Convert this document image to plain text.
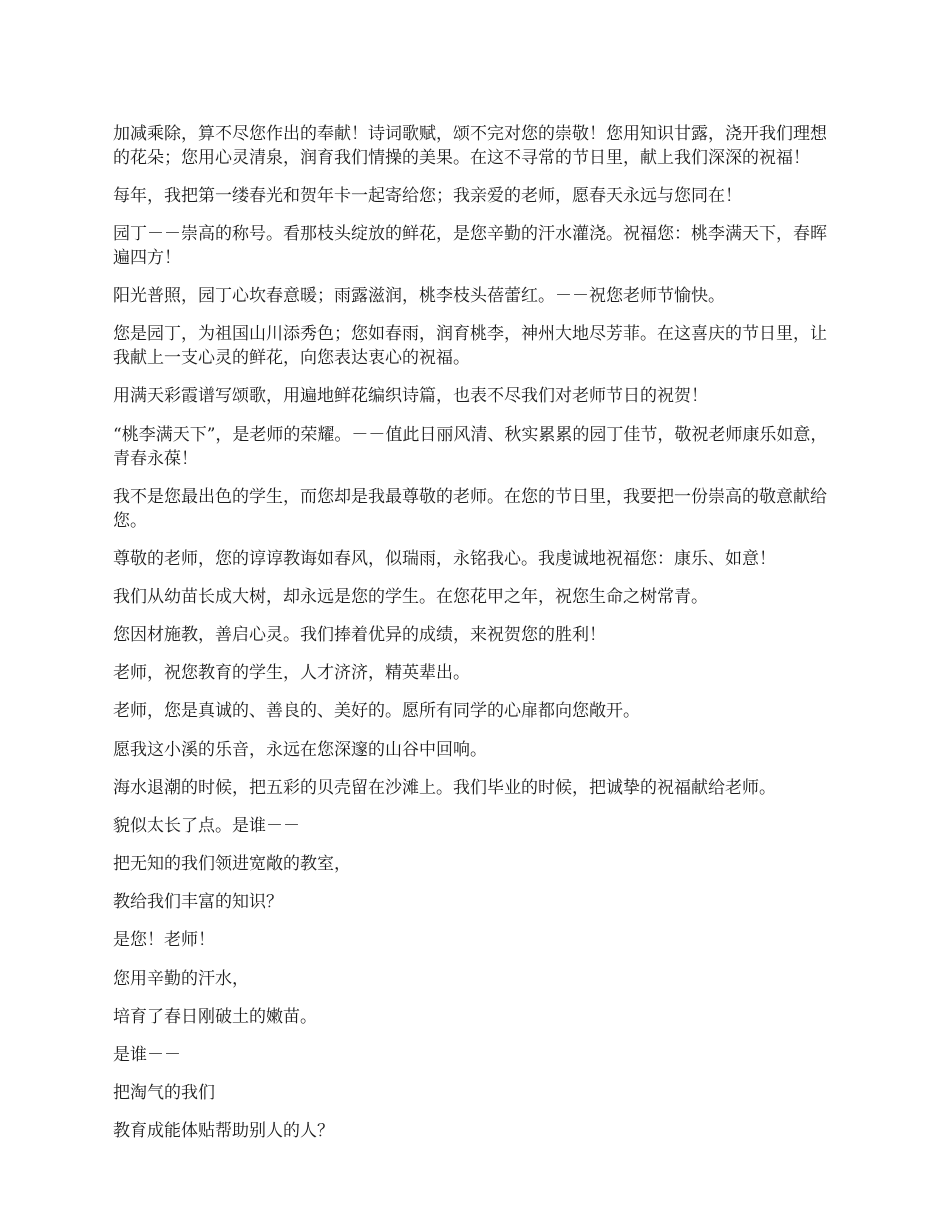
加减乘除，算不尽您作出的奉献！诗词歌赋，颂不完对您的崇敬！您用知识甘露，浇开我们理想的花朵；您用心灵清泉，润育我们情操的美果。在这不寻常的节日里，献上我们深深的祝福！

每年，我把第一缕春光和贺年卡一起寄给您；我亲爱的老师，愿春天永远与您同在！

园丁－－崇高的称号。看那枝头绽放的鲜花，是您辛勤的汗水灌浇。祝福您：桃李满天下，春晖遍四方！

阳光普照，园丁心坎春意暖；雨露滋润，桃李枝头蓓蕾红。－－祝您老师节愉快。

您是园丁，为祖国山川添秀色；您如春雨，润育桃李，神州大地尽芳菲。在这喜庆的节日里，让我献上一支心灵的鲜花，向您表达衷心的祝福。

用满天彩霞谱写颂歌，用遍地鲜花编织诗篇，也表不尽我们对老师节日的祝贺！

“桃李满天下”，是老师的荣耀。－－值此日丽风清、秋实累累的园丁佳节，敬祝老师康乐如意，青春永葆！

我不是您最出色的学生，而您却是我最尊敬的老师。在您的节日里，我要把一份崇高的敬意献给您。

尊敬的老师，您的谆谆教诲如春风，似瑞雨，永铭我心。我虔诚地祝福您：康乐、如意！

我们从幼苗长成大树，却永远是您的学生。在您花甲之年，祝您生命之树常青。

您因材施教，善启心灵。我们捧着优异的成绩，来祝贺您的胜利！

老师，祝您教育的学生，人才济济，精英辈出。

老师，您是真诚的、善良的、美好的。愿所有同学的心扉都向您敞开。

愿我这小溪的乐音，永远在您深邃的山谷中回响。

海水退潮的时候，把五彩的贝壳留在沙滩上。我们毕业的时候，把诚挚的祝福献给老师。

貌似太长了点。是谁－－

把无知的我们领进宽敞的教室，

教给我们丰富的知识？

是您！老师！

您用辛勤的汗水，

培育了春日刚破土的嫩苗。

是谁－－

把淘气的我们

教育成能体贴帮助别人的人？
